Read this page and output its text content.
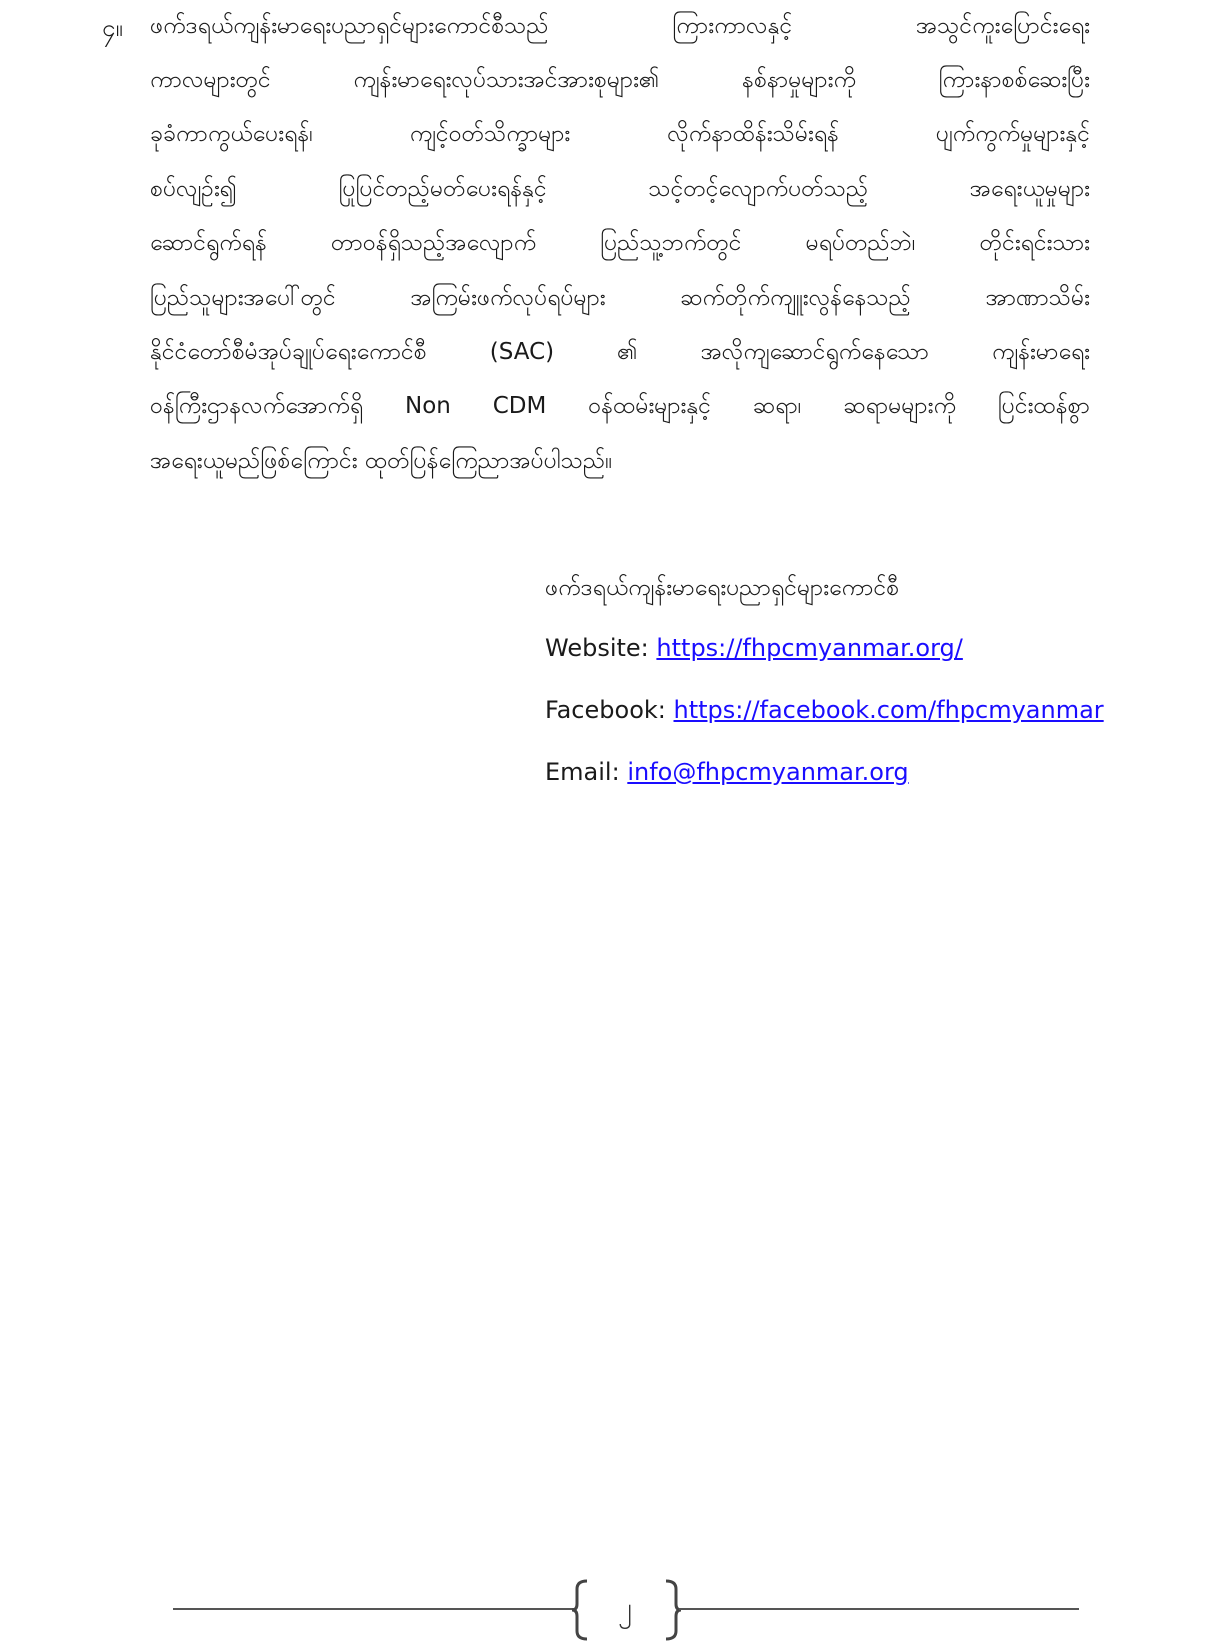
၄။ ဖက်ဒရယ်ကျန်းမာရေးပညာရှင်များကောင်စီသည် ကြားကာလနှင့် အသွင်ကူးပြောင်းရေး
ကာလများတွင် ကျန်းမာရေးလုပ်သားအင်အားစုများ၏ နစ်နာမှုများကို ကြားနာစစ်ဆေးပြီး
ခုခံကာကွယ်ပေးရန်၊ ကျင့်ဝတ်သိက္ခာများ လိုက်နာထိန်းသိမ်းရန် ပျက်ကွက်မှုများနှင့်
စပ်လျဉ်း၍ ပြုပြင်တည့်မတ်ပေးရန်နှင့် သင့်တင့်လျောက်ပတ်သည့် အရေးယူမှုများ
ဆောင်ရွက်ရန် တာဝန်ရှိသည့်အလျောက် ပြည်သူ့ဘက်တွင် မရပ်တည်ဘဲ၊ တိုင်းရင်းသား
ပြည်သူများအပေါ်တွင် အကြမ်းဖက်လုပ်ရပ်များ ဆက်တိုက်ကျူးလွန်နေသည့် အာဏာသိမ်း
နိုင်ငံတော်စီမံအုပ်ချုပ်ရေးကောင်စီ (SAC) ၏ အလိုကျဆောင်ရွက်နေသော ကျန်းမာရေး
ဝန်ကြီးဌာနလက်အောက်ရှိ Non CDM ဝန်ထမ်းများနှင့် ဆရာ၊ ဆရာမများကို ပြင်းထန်စွာ
အရေးယူမည်ဖြစ်ကြောင်း ထုတ်ပြန်ကြေညာအပ်ပါသည်။
ဖက်ဒရယ်ကျန်းမာရေးပညာရှင်များကောင်စီ
Website: https://fhpcmyanmar.org/
Facebook: https://facebook.com/fhpcmyanmar
Email: info@fhpcmyanmar.org
၂
